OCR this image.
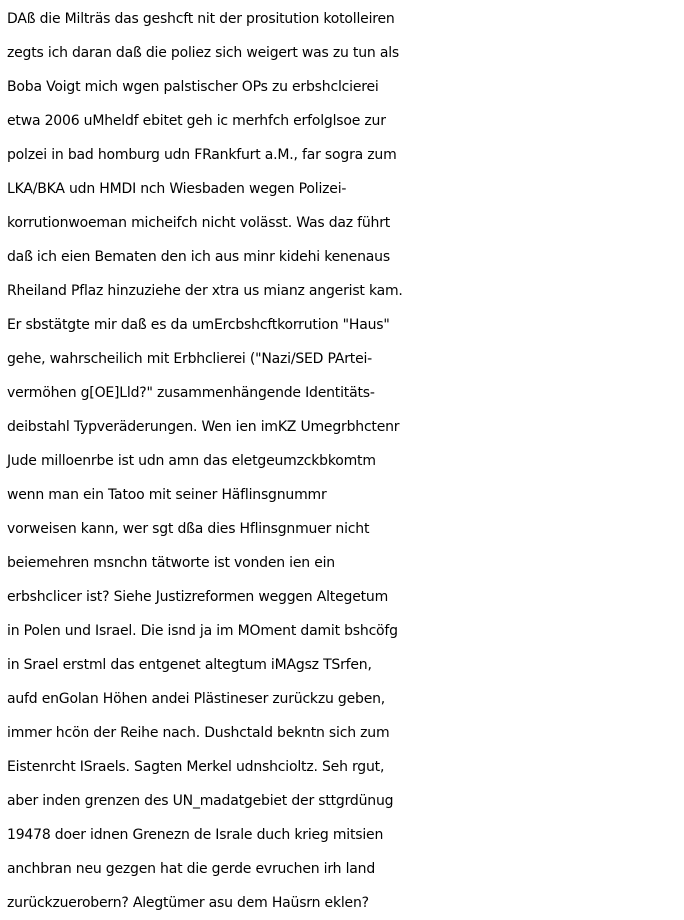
DAß die Milträs das geshcft nit der prositution kotolleiren
zegts ich daran daß die poliez sich weigert was zu tun als
Boba Voigt mich wgen palstischer OPs zu erbshclcierei
etwa 2006 uMheldf ebitet geh ic merhfch erfolglsoe zur
polzei in bad homburg udn FRankfurt a.M., far sogra zum
LKA/BKA udn HMDI nch Wiesbaden wegen Polizei-
korrutionwoeman micheifch nicht volässt. Was daz führt
daß ich eien Bematen den ich aus minr kidehi kenenaus
Rheiland Pflaz hinzuziehe der xtra us mianz angerist kam.
Er sbstätgte mir daß es da umErcbshcftkorrution "Haus"
gehe, wahrscheilich mit Erbhclierei ("Nazi/SED PArtei-
vermöhen g[OE]Lld?" zusammenhängende Identitäts-
deibstahl Typveräderungen. Wen ien imKZ Umegrbhctenr
Jude milloenrbe ist udn amn das eletgeumzckbkomtm
wenn man ein Tatoo mit seiner Häflinsgnummr
vorweisen kann, wer sgt dßa dies Hflinsgnmuer nicht
beiemehren msnchn tätworte ist vonden ien ein
erbshclicer ist? Siehe Justizreformen weggen Altegetum
in Polen und Israel. Die isnd ja im MOment damit bshcöfg
in Srael erstml das entgenet altegtum iMAgsz TSrfen,
aufd enGolan Höhen andei Plästineser zurückzu geben,
immer hcön der Reihe nach. Dushctald bekntn sich zum
Eistenrcht ISraels. Sagten Merkel udnshcioltz. Seh rgut,
aber inden grenzen des UN_madatgebiet der sttgrdünug
19478 doer idnen Grenezn de Israle duch krieg mitsien
anchbran neu gezgen hat die gerde evruchen irh land
zurückzuerobern? Alegtümer asu dem Haüsrn eklen?
